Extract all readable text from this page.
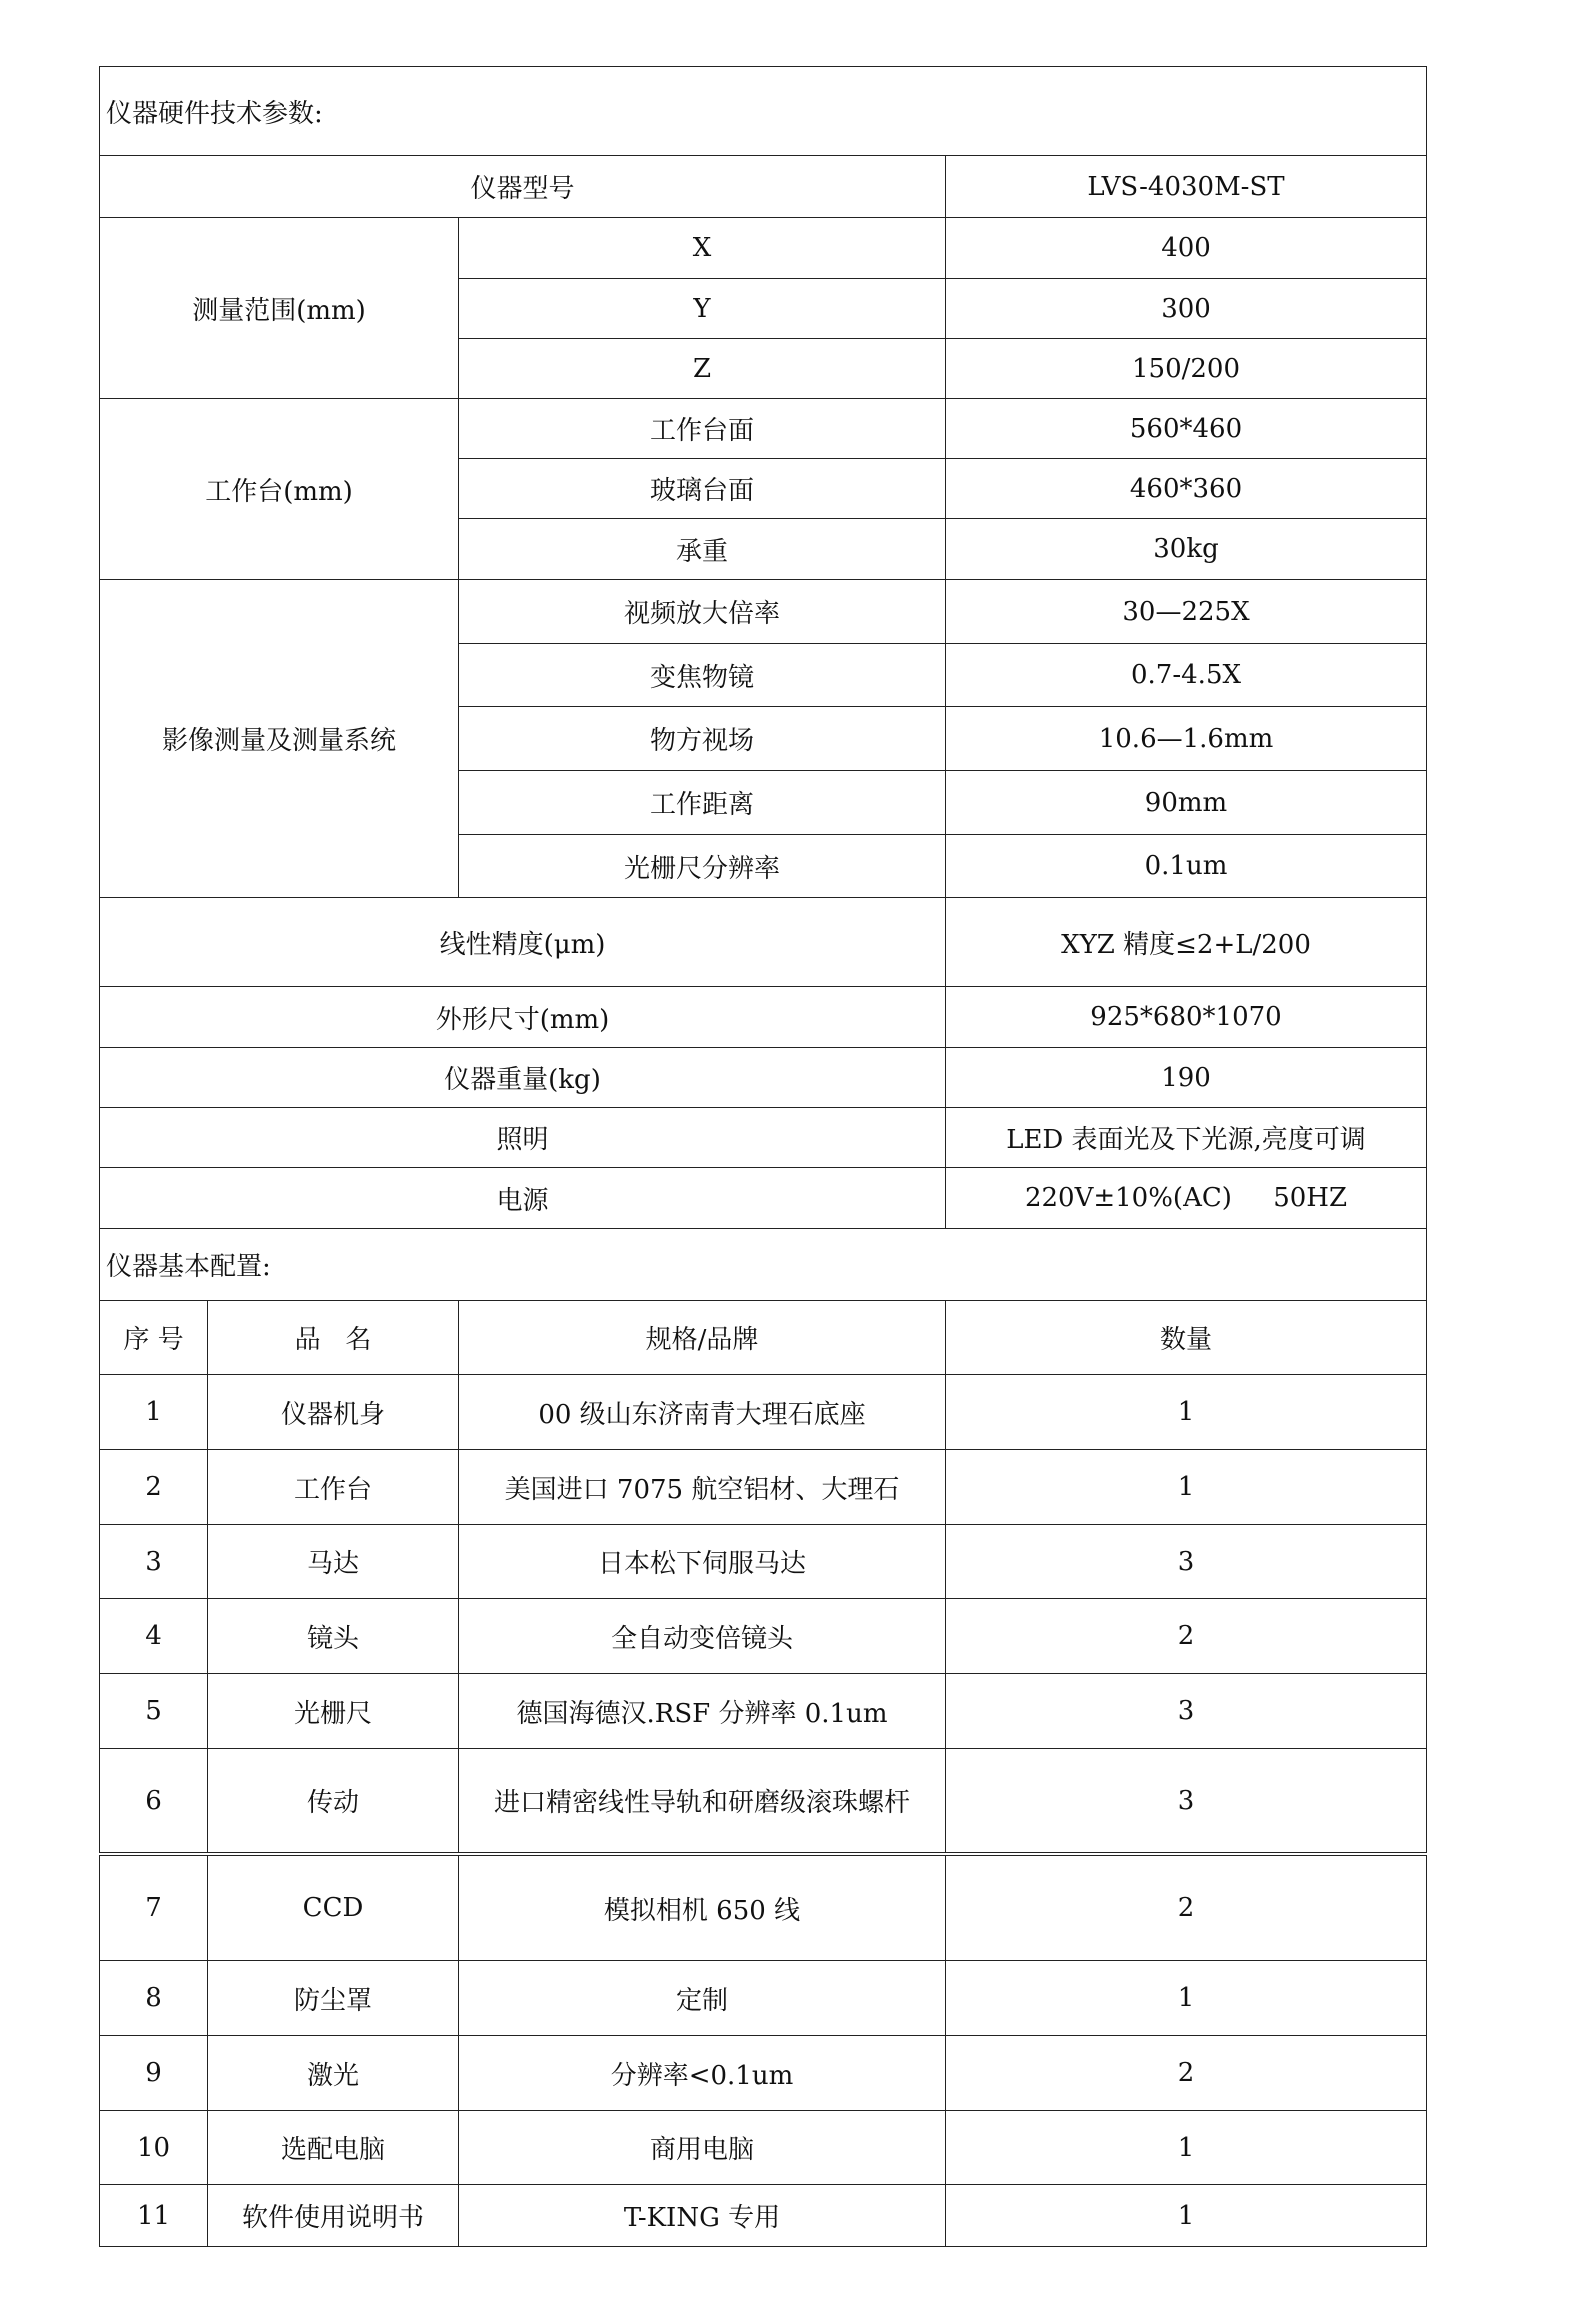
仪器硬件技术参数:			
仪器型号			LVS-4030M-ST
测量范围(mm)		X	400
		Y	300
		Z	150/200
工作台(mm)		工作台面	560*460
		玻璃台面	460*360
		承重	30kg
影像测量及测量系统		视频放大倍率	30—225X
		变焦物镜	0.7-4.5X
		物方视场	10.6—1.6mm
		工作距离	90mm
		光栅尺分辨率	0.1um
线性精度(μm)			XYZ 精度≤2+L/200
外形尺寸(mm)			925*680*1070
仪器重量(kg)			190
照明			LED 表面光及下光源,亮度可调
电源			220V±10%(AC)     50HZ
仪器基本配置:			
序 号	品   名	规格/品牌	数量
1	仪器机身	00 级山东济南青大理石底座	1
2	工作台	美国进口 7075 航空铝材、大理石	1
3	马达	日本松下伺服马达	3
4	镜头	全自动变倍镜头	2
5	光栅尺	德国海德汉.RSF 分辨率 0.1um	3
6	传动	进口精密线性导轨和研磨级滚珠螺杆	3
7	CCD	模拟相机 650 线	2
8	防尘罩	定制	1
9	激光	分辨率<0.1um	2
10	选配电脑	商用电脑	1
11	软件使用说明书	T-KING 专用	1
